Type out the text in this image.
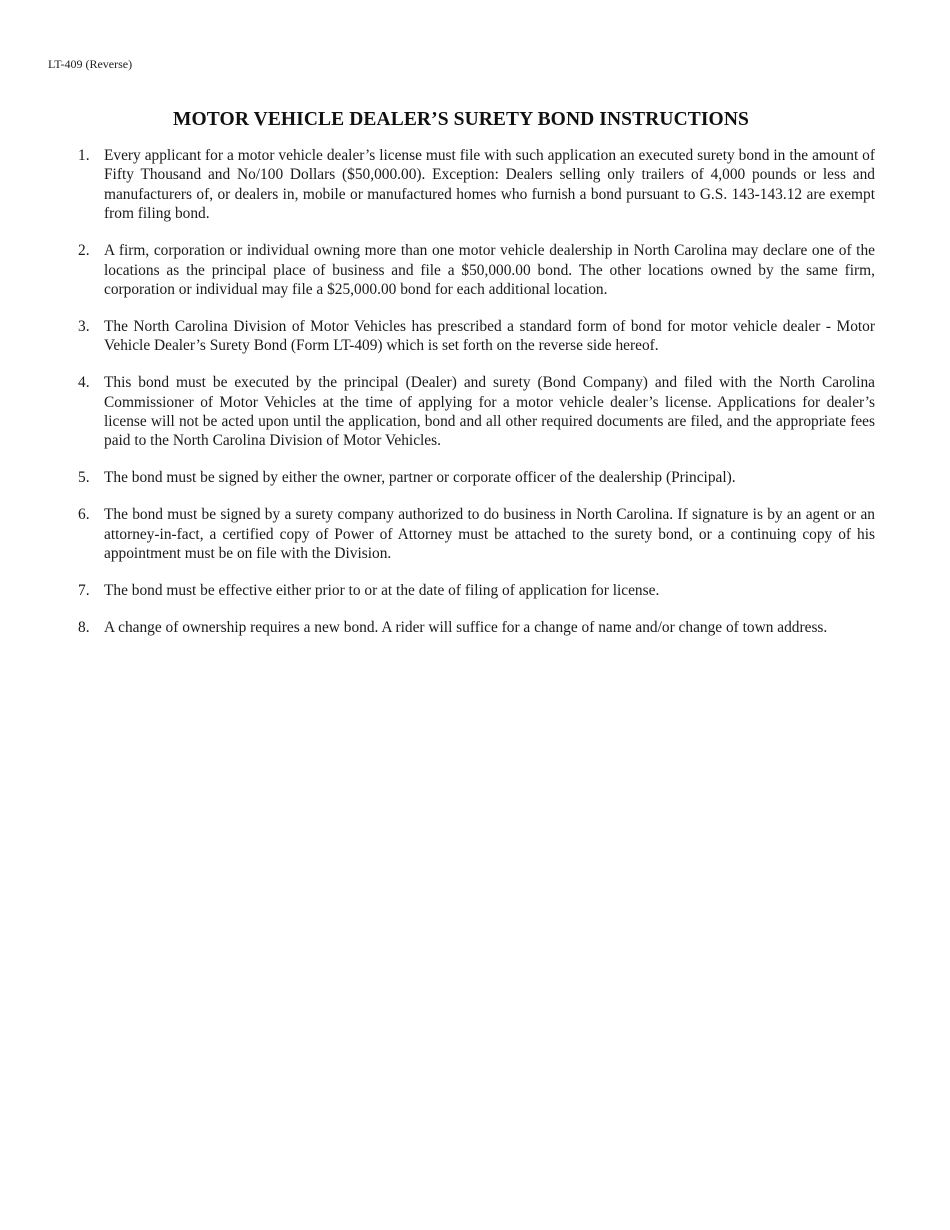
LT-409 (Reverse)
MOTOR VEHICLE DEALER’S SURETY BOND INSTRUCTIONS
1. Every applicant for a motor vehicle dealer’s license must file with such application an executed surety bond in the amount of Fifty Thousand and No/100 Dollars ($50,000.00). Exception: Dealers selling only trailers of 4,000 pounds or less and manufacturers of, or dealers in, mobile or manufactured homes who furnish a bond pursuant to G.S. 143-143.12 are exempt from filing bond.
2. A firm, corporation or individual owning more than one motor vehicle dealership in North Carolina may declare one of the locations as the principal place of business and file a $50,000.00 bond. The other locations owned by the same firm, corporation or individual may file a $25,000.00 bond for each additional location.
3. The North Carolina Division of Motor Vehicles has prescribed a standard form of bond for motor vehicle dealer - Motor Vehicle Dealer’s Surety Bond (Form LT-409) which is set forth on the reverse side hereof.
4. This bond must be executed by the principal (Dealer) and surety (Bond Company) and filed with the North Carolina Commissioner of Motor Vehicles at the time of applying for a motor vehicle dealer’s license. Applications for dealer’s license will not be acted upon until the application, bond and all other required documents are filed, and the appropriate fees paid to the North Carolina Division of Motor Vehicles.
5. The bond must be signed by either the owner, partner or corporate officer of the dealership (Principal).
6. The bond must be signed by a surety company authorized to do business in North Carolina. If signature is by an agent or an attorney-in-fact, a certified copy of Power of Attorney must be attached to the surety bond, or a continuing copy of his appointment must be on file with the Division.
7. The bond must be effective either prior to or at the date of filing of application for license.
8. A change of ownership requires a new bond. A rider will suffice for a change of name and/or change of town address.
